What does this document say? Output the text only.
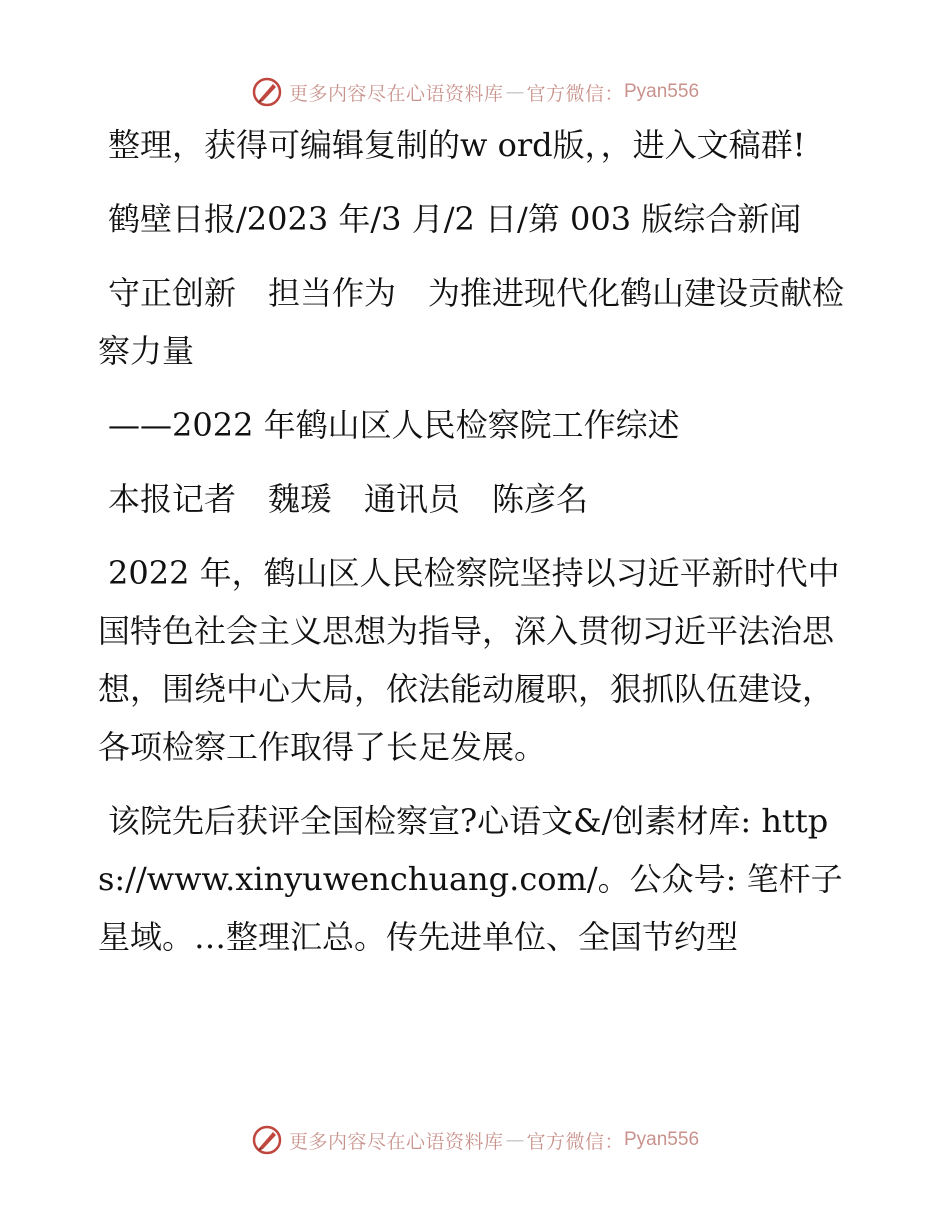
更多内容尽在心语资料库 — 官方微信： Pyan556

整理，获得可编辑复制的w ord版，，进入文稿群!

鹤壁日报/2023 年/3 月/2 日/第 003 版综合新闻

守正创新　担当作为　为推进现代化鹤山建设贡献检察力量

——2022 年鹤山区人民检察院工作综述

本报记者　魏瑗　通讯员　陈彦名

2022 年，鹤山区人民检察院坚持以习近平新时代中国特色社会主义思想为指导，深入贯彻习近平法治思想，围绕中心大局，依法能动履职，狠抓队伍建设，各项检察工作取得了长足发展。

该院先后获评全国检察宣?心语文&/创素材库: https://www.xinyuwenchuang.com/。公众号: 笔杆子星域。…整理汇总。传先进单位、全国节约型

更多内容尽在心语资料库 — 官方微信： Pyan556
